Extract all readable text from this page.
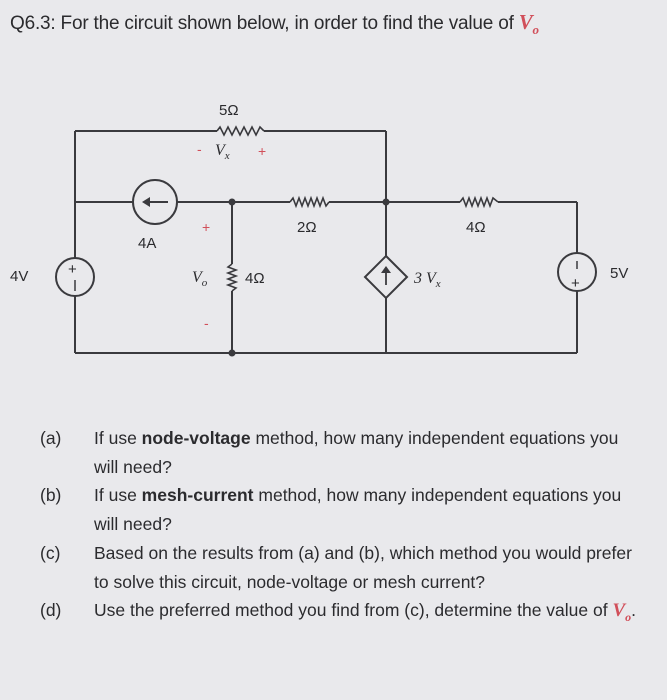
Q6.3: For the circuit shown below, in order to find the value of $V_o$
+
+
5Ω
- $V_x$ +
4A
+
$V_o$
-
4Ω
2Ω	4Ω
3 $V_x$
4V	5V
(a)	If use node-voltage method, how many independent equations you will need?
(b)	If use mesh-current method, how many independent equations you will need?
(c)	Based on the results from (a) and (b), which method you would prefer to solve this circuit, node-voltage or mesh current?
(d)	Use the preferred method you find from (c), determine the value of $V_o$.
